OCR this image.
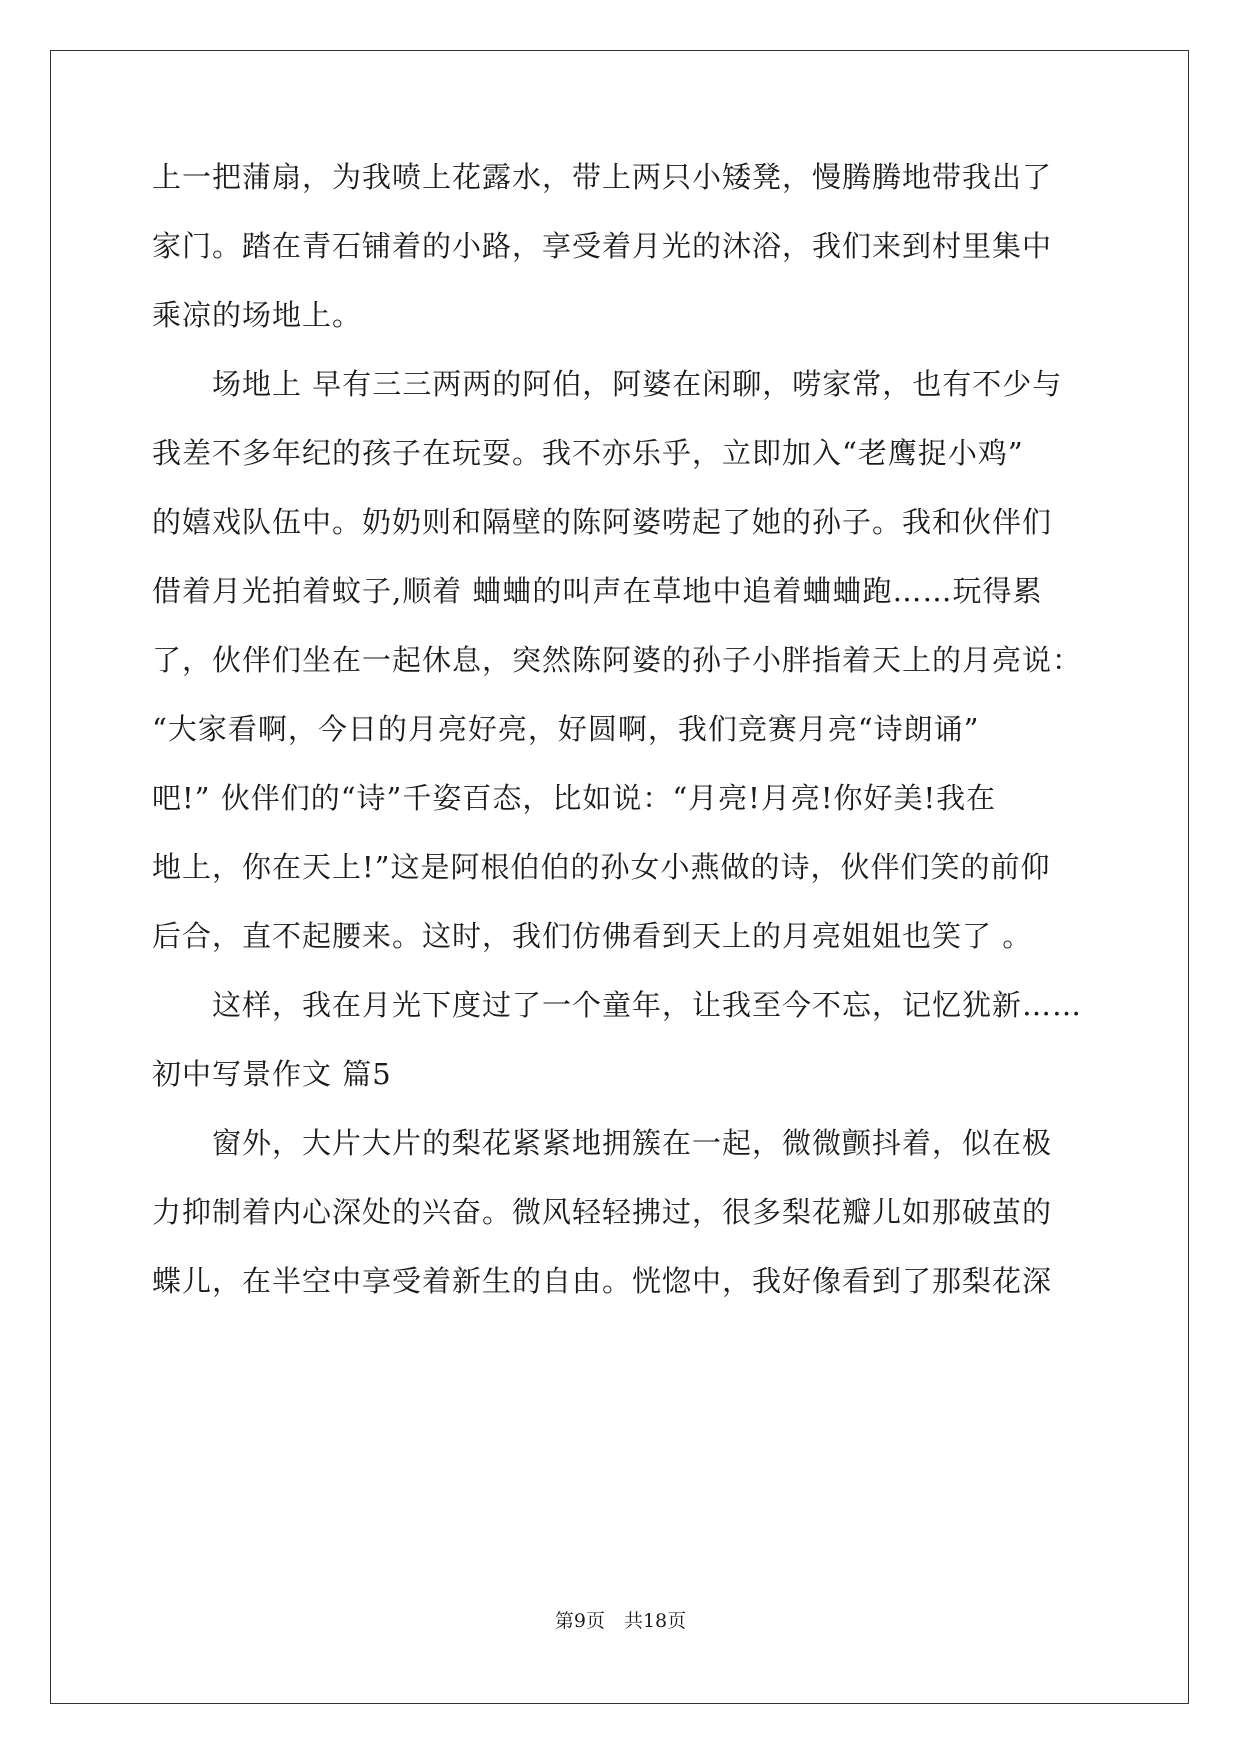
上一把蒲扇，为我喷上花露水，带上两只小矮凳，慢腾腾地带我出了
家门。踏在青石铺着的小路，享受着月光的沐浴，我们来到村里集中
乘凉的场地上。
　　场地上 早有三三两两的阿伯，阿婆在闲聊，唠家常，也有不少与
我差不多年纪的孩子在玩耍。我不亦乐乎，立即加入“老鹰捉小鸡”
的嬉戏队伍中。奶奶则和隔壁的陈阿婆唠起了她的孙子。我和伙伴们
借着月光拍着蚊子,顺着 蛐蛐的叫声在草地中追着蛐蛐跑……玩得累
了，伙伴们坐在一起休息，突然陈阿婆的孙子小胖指着天上的月亮说：
“大家看啊，今日的月亮好亮，好圆啊，我们竞赛月亮“诗朗诵”
吧!” 伙伴们的“诗”千姿百态，比如说：“月亮!月亮!你好美!我在
地上，你在天上!”这是阿根伯伯的孙女小燕做的诗，伙伴们笑的前仰
后合，直不起腰来。这时，我们仿佛看到天上的月亮姐姐也笑了 。
　　这样，我在月光下度过了一个童年，让我至今不忘，记忆犹新……
初中写景作文 篇5
　　窗外，大片大片的梨花紧紧地拥簇在一起，微微颤抖着，似在极
力抑制着内心深处的兴奋。微风轻轻拂过，很多梨花瓣儿如那破茧的
蝶儿，在半空中享受着新生的自由。恍惚中，我好像看到了那梨花深
第9页　共18页
